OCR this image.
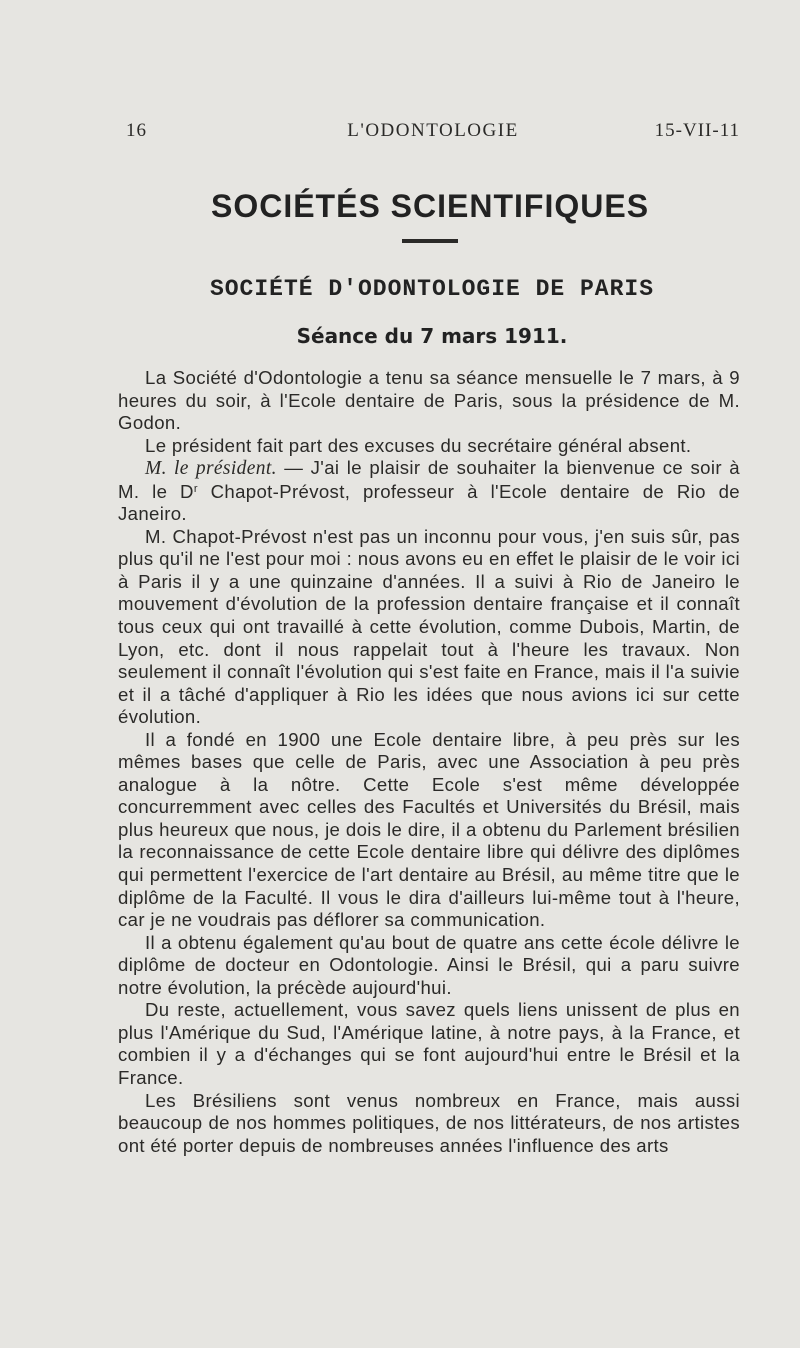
16	L'ODONTOLOGIE	15-VII-11
SOCIÉTÉS SCIENTIFIQUES
SOCIÉTÉ D'ODONTOLOGIE DE PARIS
Séance du 7 mars 1911.

La Société d'Odontologie a tenu sa séance mensuelle le 7 mars, à 9 heures du soir, à l'Ecole dentaire de Paris, sous la présidence de M. Godon.

Le président fait part des excuses du secrétaire général absent.

M. le président. — J'ai le plaisir de souhaiter la bienvenue ce soir à M. le $D^r$ Chapot-Prévost, professeur à l'Ecole dentaire de Rio de Janeiro.

M. Chapot-Prévost n'est pas un inconnu pour vous, j'en suis sûr, pas plus qu'il ne l'est pour moi : nous avons eu en effet le plaisir de le voir ici à Paris il y a une quinzaine d'années. Il a suivi à Rio de Janeiro le mouvement d'évolution de la profession dentaire française et il connaît tous ceux qui ont travaillé à cette évolution, comme Dubois, Martin, de Lyon, etc. dont il nous rappelait tout à l'heure les travaux. Non seulement il connaît l'évolution qui s'est faite en France, mais il l'a suivie et il a tâché d'appliquer à Rio les idées que nous avions ici sur cette évolution.

Il a fondé en 1900 une Ecole dentaire libre, à peu près sur les mêmes bases que celle de Paris, avec une Association à peu près analogue à la nôtre. Cette Ecole s'est même développée concurremment avec celles des Facultés et Universités du Brésil, mais plus heureux que nous, je dois le dire, il a obtenu du Parlement brésilien la reconnaissance de cette Ecole dentaire libre qui délivre des diplômes qui permettent l'exercice de l'art dentaire au Brésil, au même titre que le diplôme de la Faculté. Il vous le dira d'ailleurs lui-même tout à l'heure, car je ne voudrais pas déflorer sa communication.

Il a obtenu également qu'au bout de quatre ans cette école délivre le diplôme de docteur en Odontologie. Ainsi le Brésil, qui a paru suivre notre évolution, la précède aujourd'hui.

Du reste, actuellement, vous savez quels liens unissent de plus en plus l'Amérique du Sud, l'Amérique latine, à notre pays, à la France, et combien il y a d'échanges qui se font aujourd'hui entre le Brésil et la France.

Les Brésiliens sont venus nombreux en France, mais aussi beaucoup de nos hommes politiques, de nos littérateurs, de nos artistes ont été porter depuis de nombreuses années l'influence des arts
